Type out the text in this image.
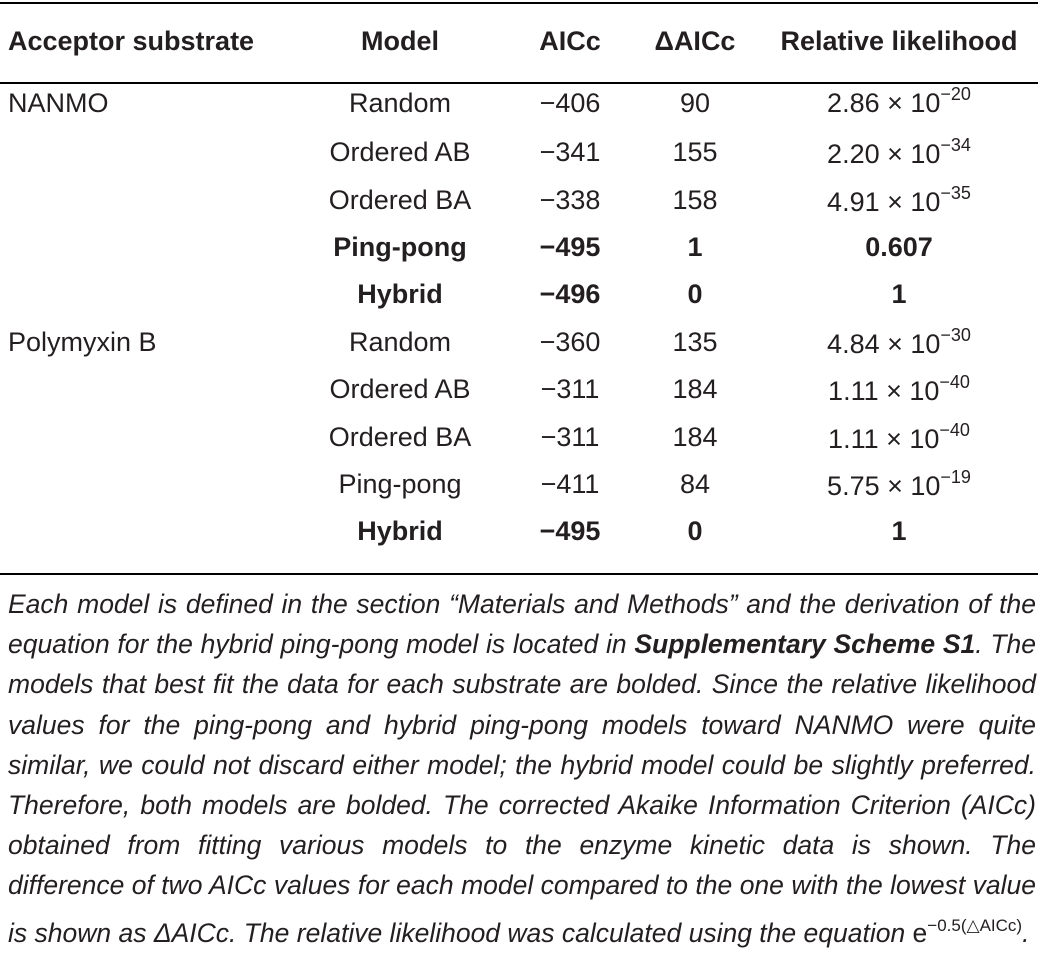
Acceptor substrate	Model	AICc	ΔAICc	Relative likelihood
NANMO	Random	−406	90	$2.86 \times 10^{-20}$
	Ordered AB	−341	155	$2.20 \times 10^{-34}$
	Ordered BA	−338	158	$4.91 \times 10^{-35}$
	Ping-pong	−495	1	0.607
	Hybrid	−496	0	1
Polymyxin B	Random	−360	135	$4.84 \times 10^{-30}$
	Ordered AB	−311	184	$1.11 \times 10^{-40}$
	Ordered BA	−311	184	$1.11 \times 10^{-40}$
	Ping-pong	−411	84	$5.75 \times 10^{-19}$
	Hybrid	−495	0	1
Each model is defined in the section “Materials and Methods” and the derivation of the equation for the hybrid ping-pong model is located in Supplementary Scheme S1. The models that best fit the data for each substrate are bolded. Since the relative likelihood values for the ping-pong and hybrid ping-pong models toward NANMO were quite similar, we could not discard either model; the hybrid model could be slightly preferred. Therefore, both models are bolded. The corrected Akaike Information Criterion (AICc) obtained from fitting various models to the enzyme kinetic data is shown. The difference of two AICc values for each model compared to the one with the lowest value is shown as ΔAICc. The relative likelihood was calculated using the equation $e^{-0.5(\triangle AICc)}$.
